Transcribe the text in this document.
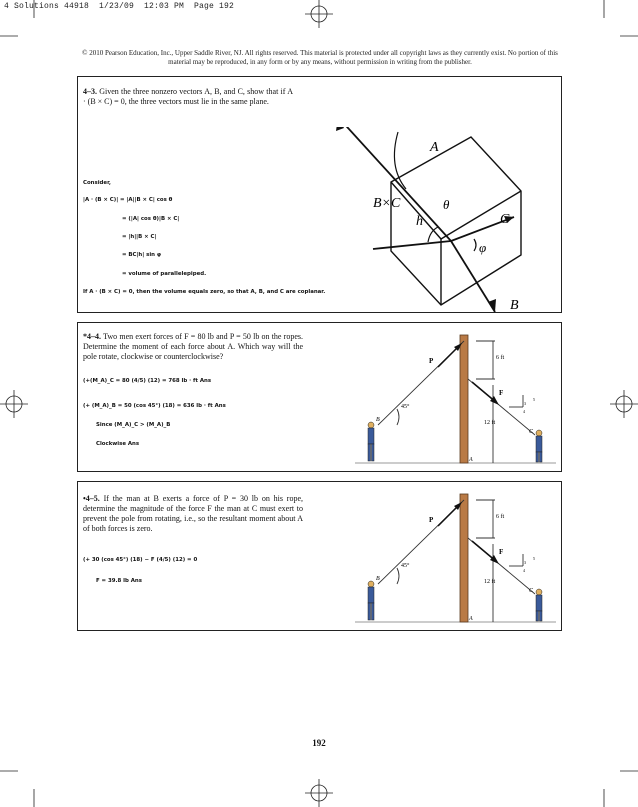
4 Solutions 44918 1/23/09 12:03 PM Page 192
© 2010 Pearson Education, Inc., Upper Saddle River, NJ. All rights reserved. This material is protected under all copyright laws as they currently exist. No portion of this material may be reproduced, in any form or by any means, without permission in writing from the publisher.
4–3. Given the three nonzero vectors A, B, and C, show that if A · (B × C) = 0, the three vectors must lie in the same plane.
Consider,
|A · (B × C)| = |A||B × C| cos θ
= (|A| cos θ)|B × C|
= |h||B × C|
= BC|h| sin φ
= volume of parallelepiped.
If A · (B × C) = 0, then the volume equals zero, so that A, B, and C are coplanar.
A
B×C
h
θ
φ
C
B
*4–4. Two men exert forces of F = 80 lb and P = 50 lb on the ropes. Determine the moment of each force about A. Which way will the pole rotate, clockwise or counterclockwise?
(+(M_A)_C = 80 (4/5) (12) = 768 lb · ft Ans
(+ (M_A)_B = 50 (cos 45°) (18) = 636 lb · ft Ans
Since (M_A)_C > (M_A)_B
Clockwise Ans
P
F
B
C
A
45°
6 ft
12 ft
3
4
5
•4–5. If the man at B exerts a force of P = 30 lb on his rope, determine the magnitude of the force F the man at C must exert to prevent the pole from rotating, i.e., so the resultant moment about A of both forces is zero.
(+ 30 (cos 45°) (18) − F (4/5) (12) = 0
F = 39.8 lb Ans
P
F
B
C
A
45°
6 ft
12 ft
3
4
5
192
